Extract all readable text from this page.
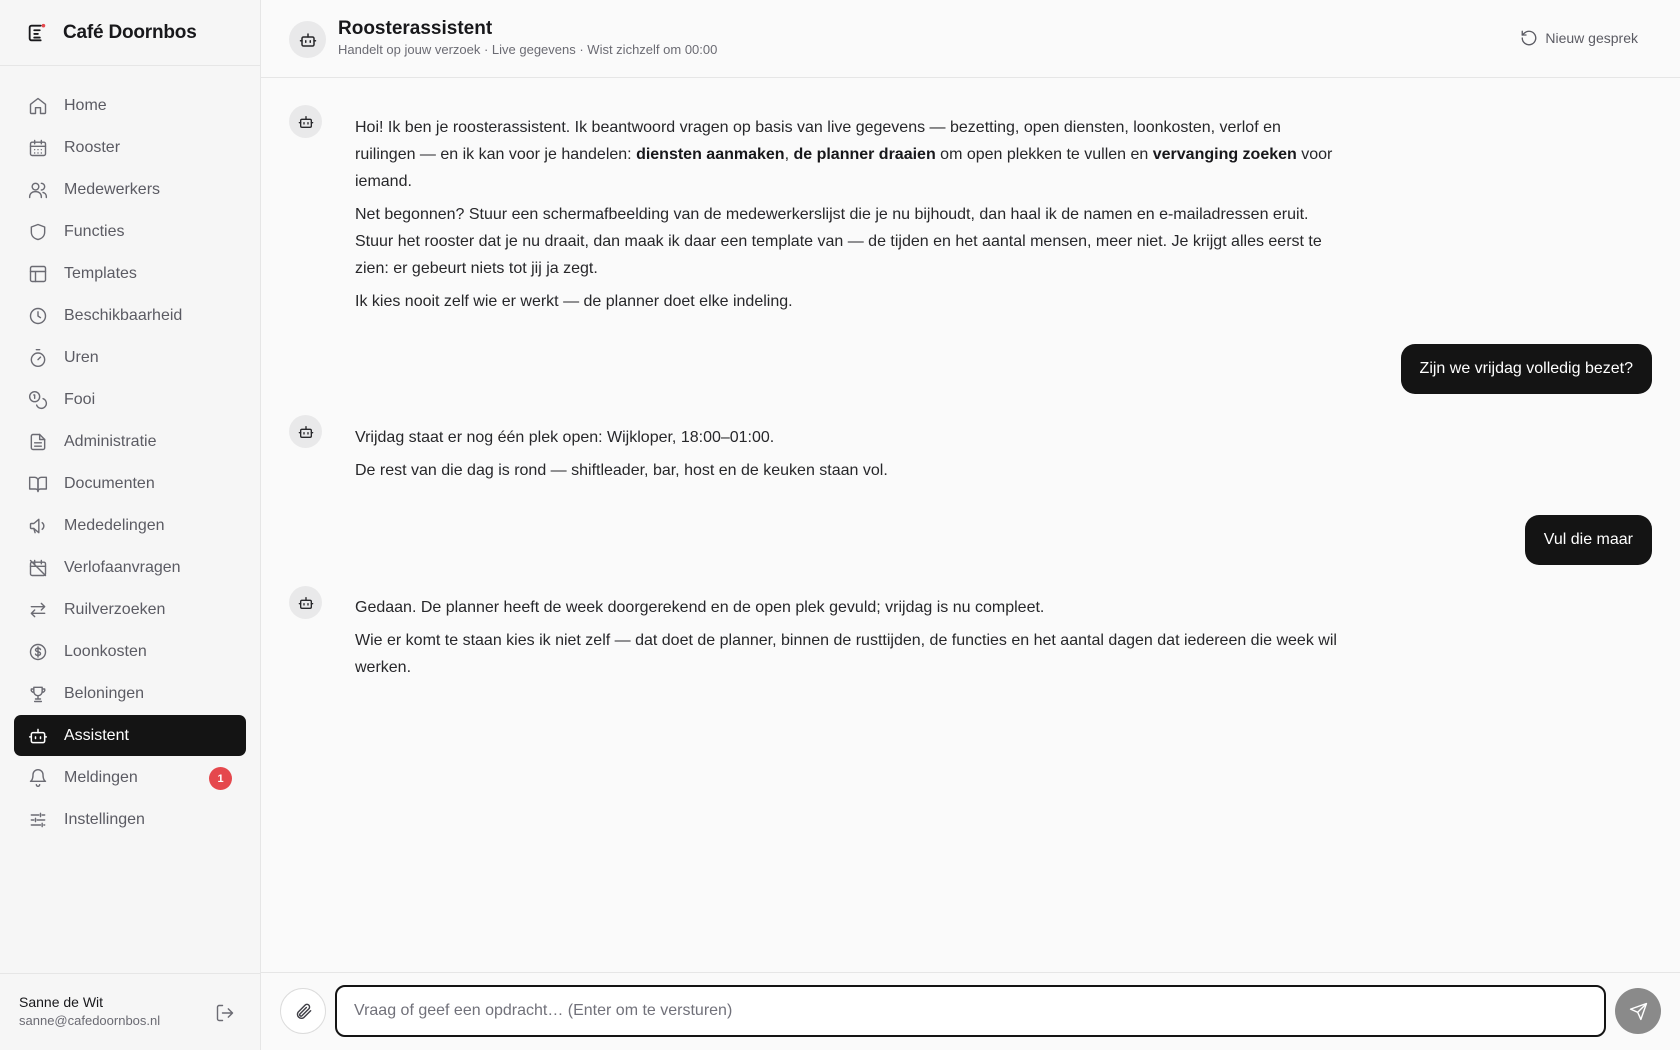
Café Doornbos
Home
Rooster
Medewerkers
Functies
Templates
Beschikbaarheid
Uren
Fooi
Administratie
Documenten
Mededelingen
Verlofaanvragen
Ruilverzoeken
Loonkosten
Beloningen
Assistent
Meldingen	1
Instellingen
Sanne de Wit
sanne@cafedoornbos.nl
Roosterassistent
Handelt op jouw verzoek · Live gegevens · Wist zichzelf om 00:00
Nieuw gesprek

Hoi! Ik ben je roosterassistent. Ik beantwoord vragen op basis van live gegevens — bezetting, open diensten, loonkosten, verlof en ruilingen — en ik kan voor je handelen: diensten aanmaken, de planner draaien om open plekken te vullen en vervanging zoeken voor iemand.

Net begonnen? Stuur een schermafbeelding van de medewerkerslijst die je nu bijhoudt, dan haal ik de namen en e-mailadressen eruit. Stuur het rooster dat je nu draait, dan maak ik daar een template van — de tijden en het aantal mensen, meer niet. Je krijgt alles eerst te zien: er gebeurt niets tot jij ja zegt.

Ik kies nooit zelf wie er werkt — de planner doet elke indeling.

Zijn we vrijdag volledig bezet?

Vrijdag staat er nog één plek open: Wijkloper, 18:00–01:00.

De rest van die dag is rond — shiftleader, bar, host en de keuken staan vol.

Vul die maar

Gedaan. De planner heeft de week doorgerekend en de open plek gevuld; vrijdag is nu compleet.

Wie er komt te staan kies ik niet zelf — dat doet de planner, binnen de rusttijden, de functies en het aantal dagen dat iedereen die week wil werken.

Vraag of geef een opdracht… (Enter om te versturen)
